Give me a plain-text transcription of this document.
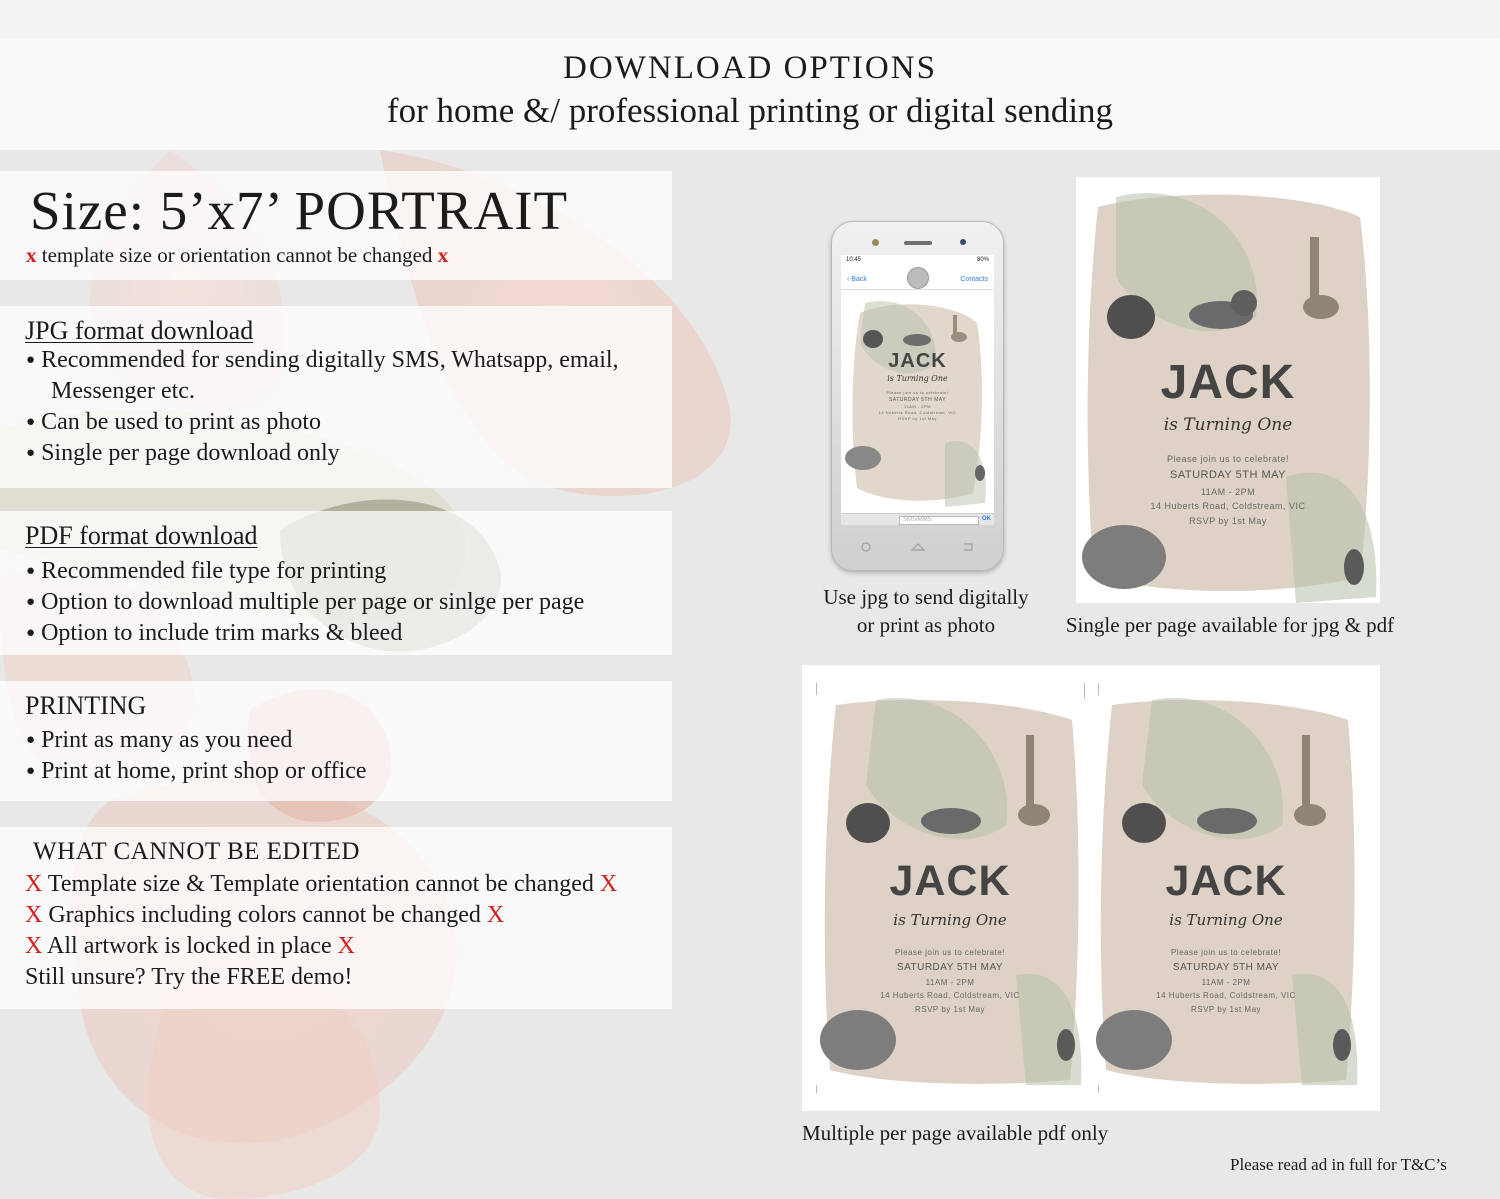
DOWNLOAD OPTIONS
for home &/ professional printing or digital sending
Size: 5’x7’ PORTRAIT
x template size or orientation cannot be changed x
JPG format download
● Recommended for sending digitally SMS, Whatsapp, email,
Messenger etc.
● Can be used to print as photo
● Single per page download only
PDF format download
● Recommended file type for printing
● Option to download multiple per page or sinlge per page
● Option to include trim marks & bleed
PRINTING
● Print as many as you need
● Print at home, print shop or office
WHAT CANNOT BE EDITED
X Template size & Template orientation cannot be changed X
X Graphics including colors cannot be changed X
X All artwork is locked in place X
Still unsure? Try the FREE demo!
10:45	80%
‹ Back	Contacts
JACK
is Turning One
Please join us to celebrate!
SATURDAY 5TH MAY
11AM - 2PM
14 Huberts Road, Coldstream, VIC
RSVP by 1st May
SMS/MMS	OK
Use jpg to send digitally
or print as photo
JACK
is Turning One
Please join us to celebrate!
SATURDAY 5TH MAY
11AM - 2PM
14 Huberts Road, Coldstream, VIC
RSVP by 1st May
Single per page available for jpg & pdf
JACK
is Turning One
Please join us to celebrate!
SATURDAY 5TH MAY
11AM - 2PM
14 Huberts Road, Coldstream, VIC
RSVP by 1st May
JACK
is Turning One
Please join us to celebrate!
SATURDAY 5TH MAY
11AM - 2PM
14 Huberts Road, Coldstream, VIC
RSVP by 1st May
Multiple per page available pdf only
Please read ad in full for T&C’s
